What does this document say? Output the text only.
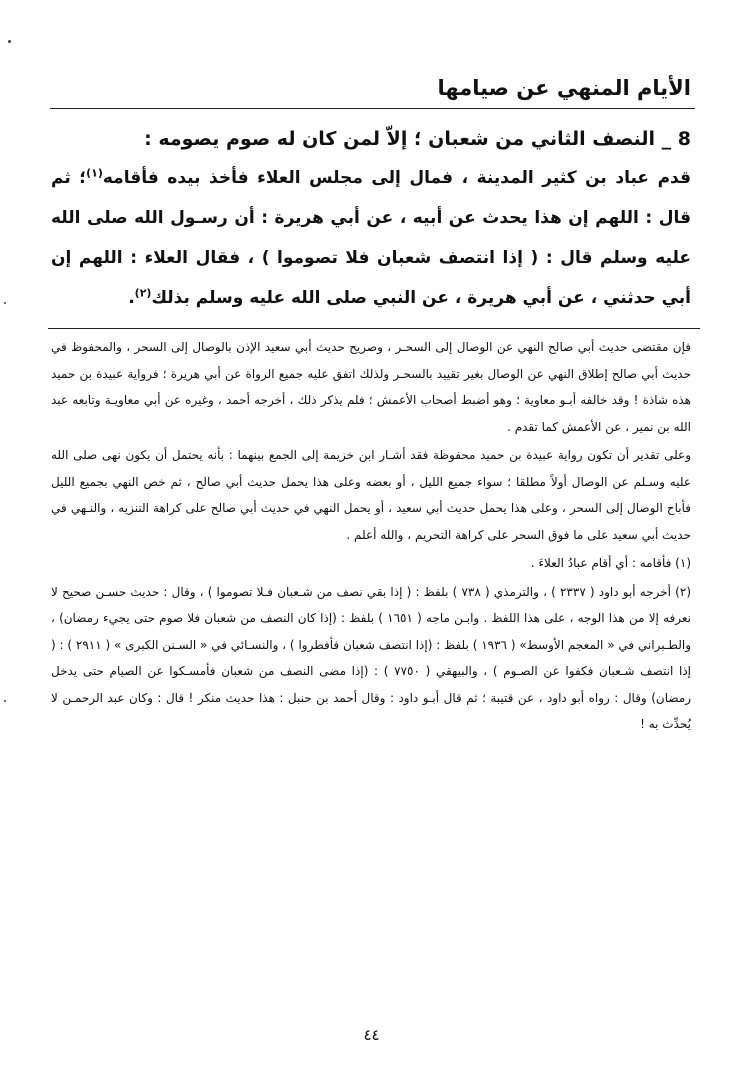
الأيام المنهي عن صيامها

8 _ النصف الثاني من شعبان ؛ إلاّ لمن كان له صوم يصومه :

قدم عباد بن كثير المدينة ، فمال إلى مجلس العلاء فأخذ بيده فأقامه$^{(١)}$؛ ثم قال : اللهم إن هذا يحدث عن أبيه ، عن أبي هريرة : أن رسـول الله صلى الله عليه وسلم قال : ( إذا انتصف شعبان فلا تصوموا ) ، فقال العلاء : اللهم إن أبي حدثني ، عن أبي هريرة ، عن النبي صلى الله عليه وسلم بذلك$^{(٢)}$.

فإن مقتضى حديث أبي صالح النهي عن الوصال إلى السحـر ، وصريح حديث أبي سعيد الإذن بالوصال إلى السحر ، والمحفوظ في حديث أبي صالح إطلاق النهي عن الوصال بغير تقييد بالسحـر ولذلك اتفق عليه جميع الرواة عن أبي هريرة ؛ فرواية عبيدة بن حميد هذه شاذة ! وقد خالفه أبـو معاوية ؛ وهو أضبط أصحاب الأعمش ؛ فلم يذكر ذلك ، أخرجه أحمد ، وغيره عن أبي معاويـة وتابعه عبد الله بن نمير ، عن الأعمش كما تقدم .

وعلى تقدير أن تكون رواية عبيدة بن حميد محفوظة فقد أشـار ابن خزيمة إلى الجمع بينهما : بأنه يحتمل أن يكون نهى صلى الله عليه وسـلم عن الوصال أولاً مطلقا ؛ سواء جميع الليل ، أو بعضه وعلى هذا يحمل حديث أبي صالح ، ثم خص النهي بجميع الليل فأباح الوصال إلى السحر ، وعلى هذا يحمل حديث أبي سعيد ، أو يحمل النهي في حديث أبي صالح على كراهة التنزيه ، والنـهي في حديث أبي سعيد على ما فوق السحر على كراهة التحريم ، والله أعلم .

(١) فأقامه : أي أقام عبادُ العلاءَ .

(٢) أخرجه أبو داود ( ٢٣٣٧ ) ، والترمذي ( ٧٣٨ ) بلفظ : ( إذا بقي نصف من شـعبان فـلا تصوموا ) ، وقال : حديث حسـن صحيح لا نعرفه إلا من هذا الوجه ، على هذا اللفظ . وابـن ماجه ( ١٦٥١ ) بلفظ : (إذا كان النصف من شعبان فلا صوم حتى يجيء رمضان) ، والطـبراني في « المعجم الأوسط» ( ١٩٣٦ ) بلفظ : (إذا انتصف شعبان فأفطروا ) ، والنسـائي في « السـنن الكبرى » ( ٢٩١١ ) : ( إذا انتصف شـعبان فكفوا عن الصـوم ) ، والبيهقي ( ٧٧٥٠ ) : (إذا مضى النصف من شعبان فأمسـكوا عن الصيام حتى يدخل رمضان) وقال : رواه أبو داود ، عن قتيبة ؛ ثم قال أبـو داود : وقال أحمد بن حنبل : هذا حديث منكر ! قال : وكان عبد الرحمـن لا يُحدِّث به !

٤٤
